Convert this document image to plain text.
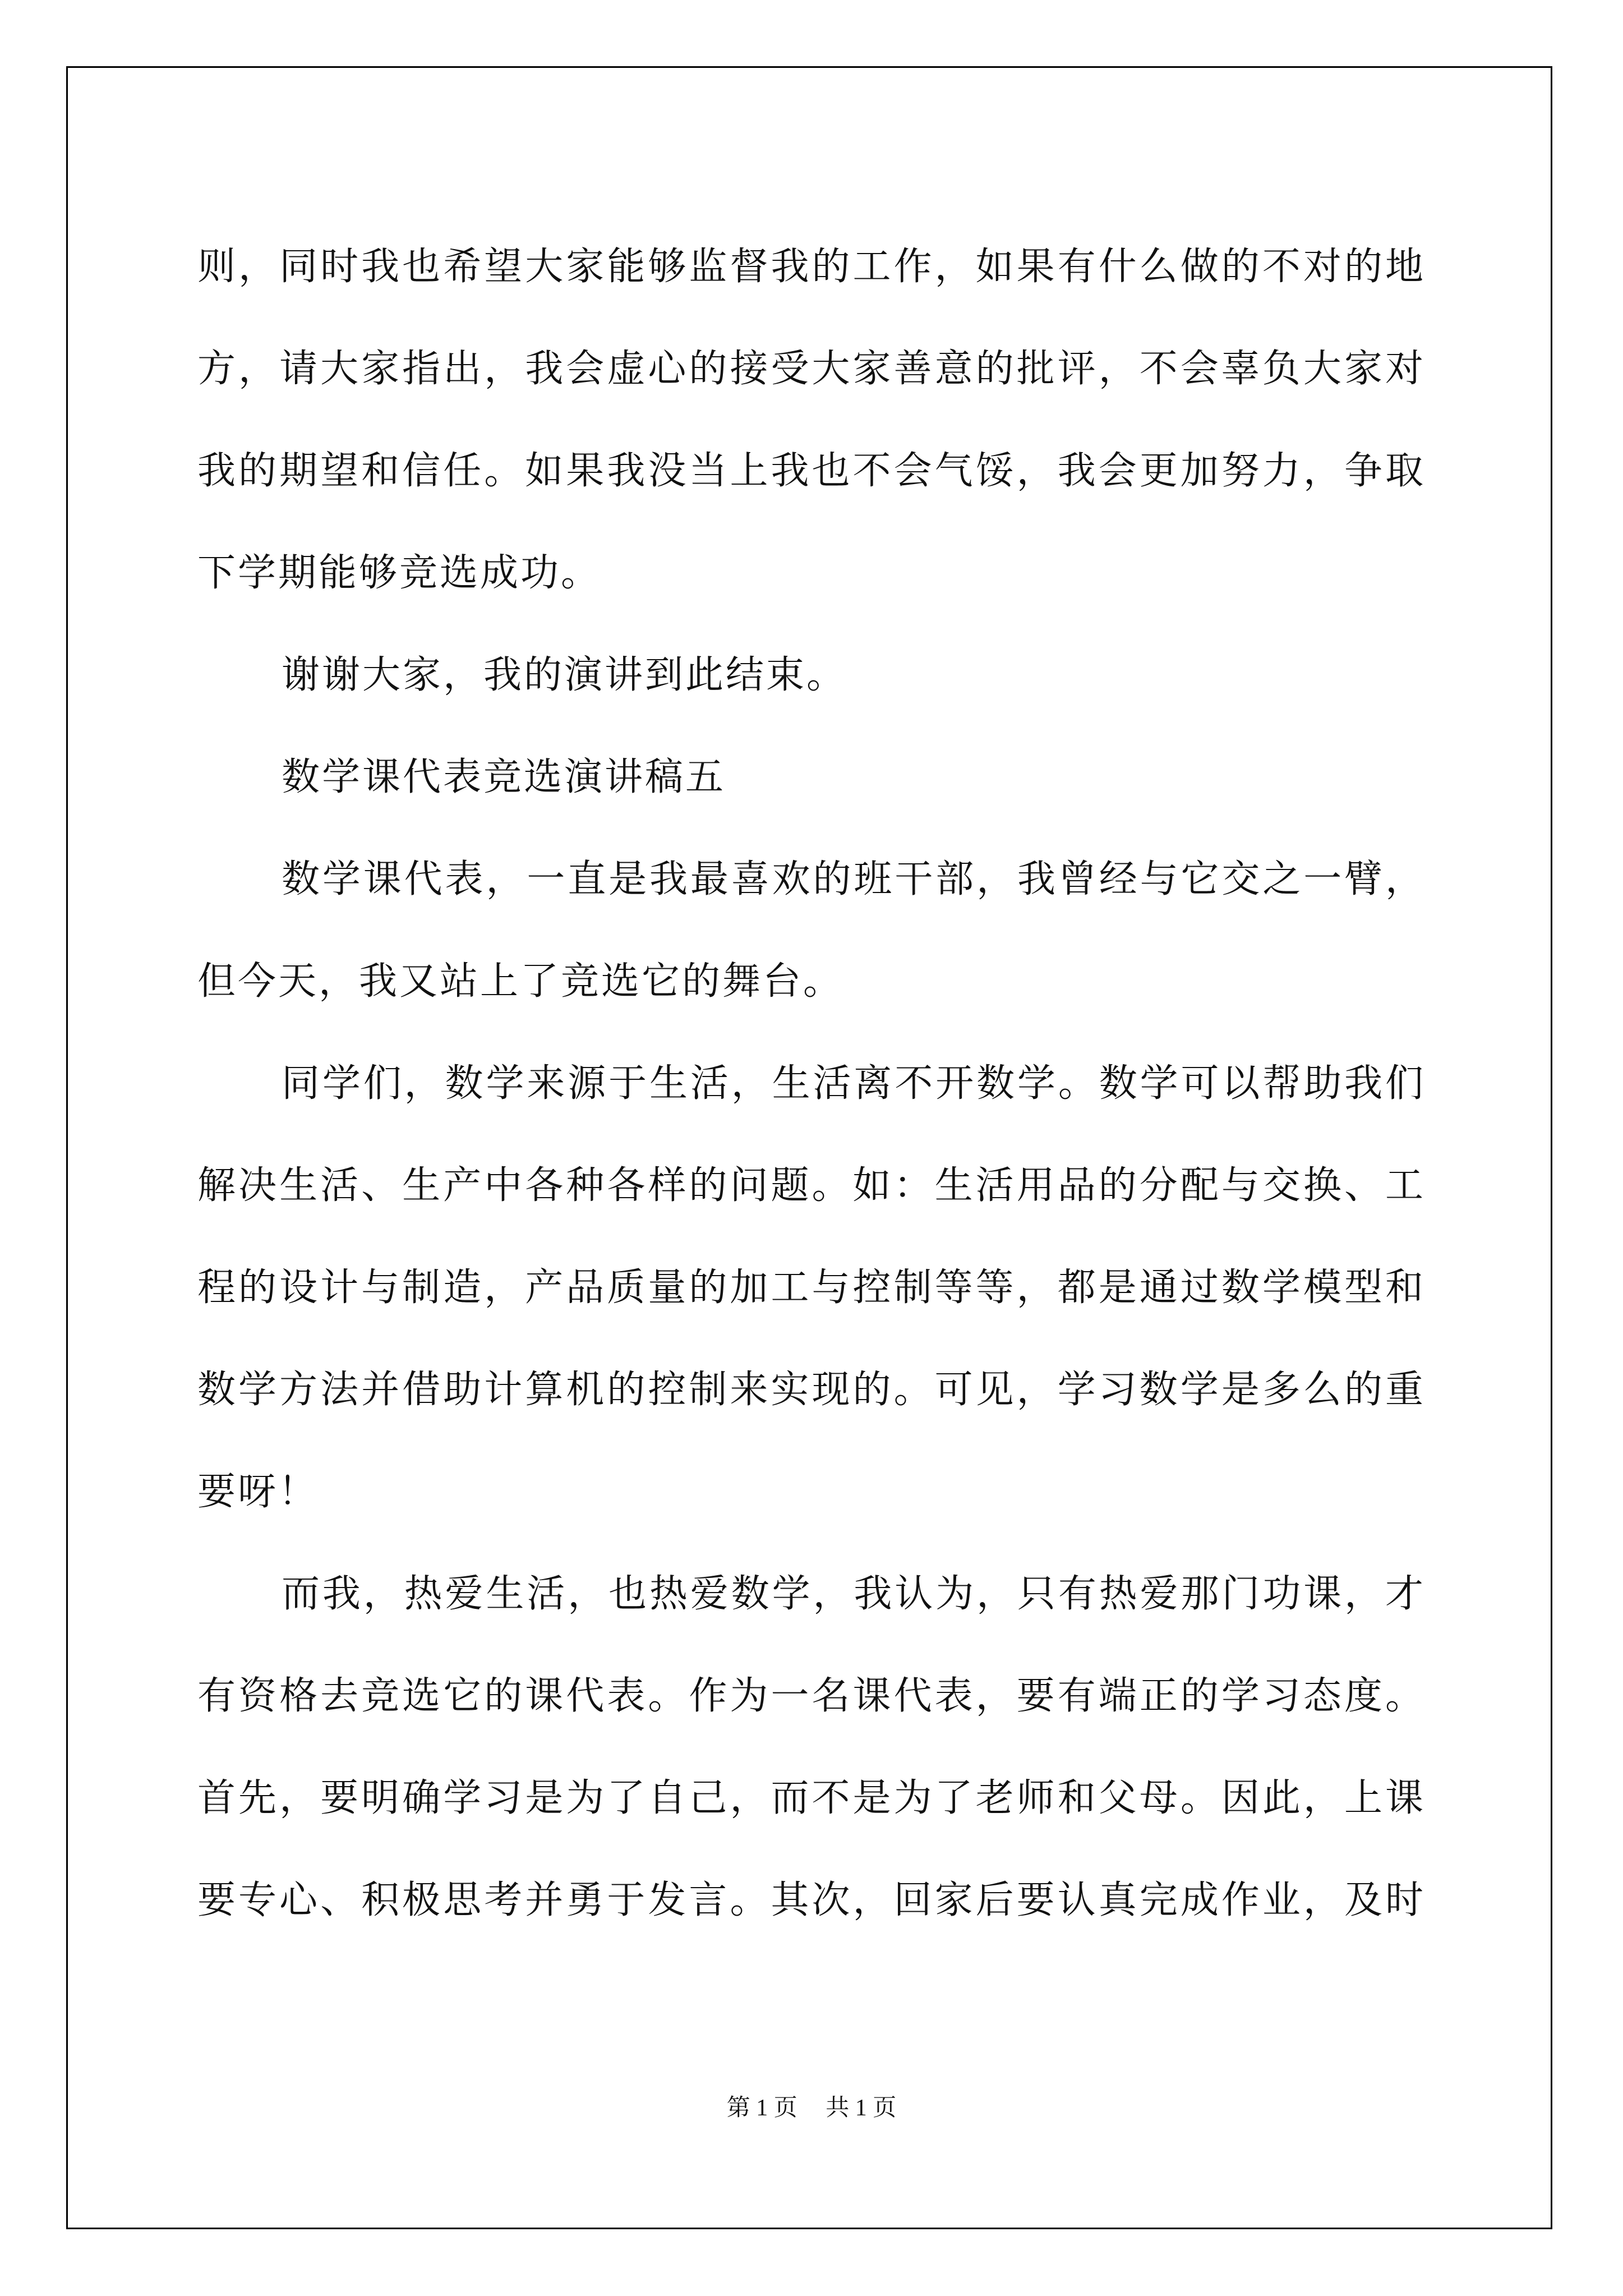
则，同时我也希望大家能够监督我的工作，如果有什么做的不对的地
方，请大家指出，我会虚心的接受大家善意的批评，不会辜负大家对
我的期望和信任。如果我没当上我也不会气馁，我会更加努力，争取
下学期能够竞选成功。
谢谢大家，我的演讲到此结束。
数学课代表竞选演讲稿五
数学课代表，一直是我最喜欢的班干部，我曾经与它交之一臂，
但今天，我又站上了竞选它的舞台。
同学们，数学来源于生活，生活离不开数学。数学可以帮助我们
解决生活、生产中各种各样的问题。如：生活用品的分配与交换、工
程的设计与制造，产品质量的加工与控制等等，都是通过数学模型和
数学方法并借助计算机的控制来实现的。可见，学习数学是多么的重
要呀！
而我，热爱生活，也热爱数学，我认为，只有热爱那门功课，才
有资格去竞选它的课代表。作为一名课代表，要有端正的学习态度。
首先，要明确学习是为了自己，而不是为了老师和父母。因此，上课
要专心、积极思考并勇于发言。其次，回家后要认真完成作业，及时
第 1 页 共 1 页
